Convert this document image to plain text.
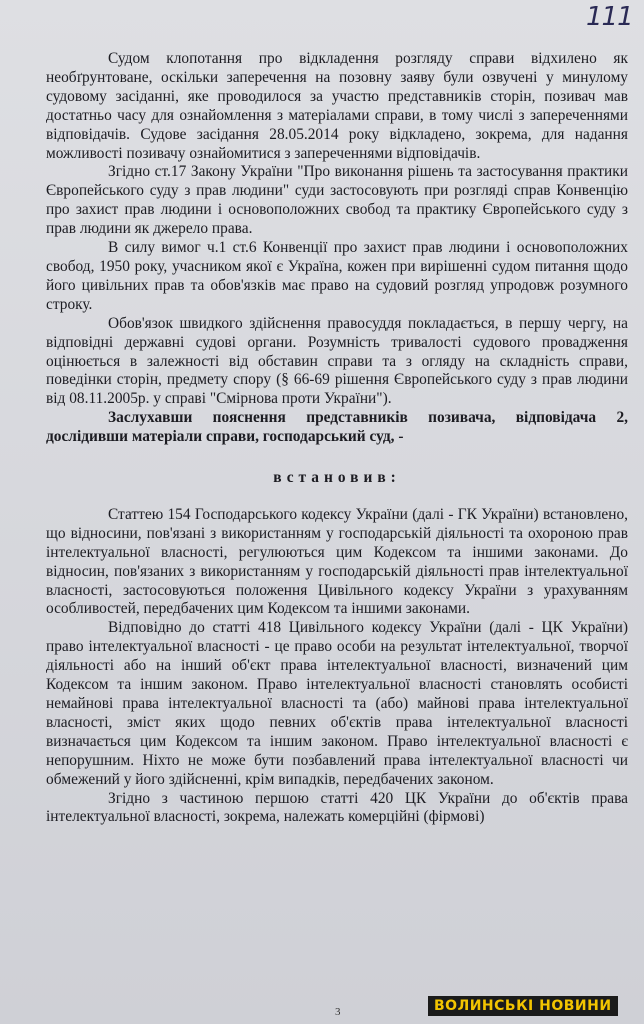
111

Судом клопотання про відкладення розгляду справи відхилено як необґрунтоване, оскільки заперечення на позовну заяву були озвучені у минулому судовому засіданні, яке проводилося за участю представників сторін, позивач мав достатньо часу для ознайомлення з матеріалами справи, в тому числі з запереченнями відповідачів. Судове засідання 28.05.2014 року відкладено, зокрема, для надання можливості позивачу ознайомитися з запереченнями відповідачів.

Згідно ст.17 Закону України "Про виконання рішень та застосування практики Європейського суду з прав людини" суди застосовують при розгляді справ Конвенцію про захист прав людини і основоположних свобод та практику Європейського суду з прав людини як джерело права.

В силу вимог ч.1 ст.6 Конвенції про захист прав людини і основоположних свобод, 1950 року, учасником якої є Україна, кожен при вирішенні судом питання щодо його цивільних прав та обов'язків має право на судовий розгляд упродовж розумного строку.

Обов'язок швидкого здійснення правосуддя покладається, в першу чергу, на відповідні державні судові органи. Розумність тривалості судового провадження оцінюється в залежності від обставин справи та з огляду на складність справи, поведінки сторін, предмету спору (§ 66-69 рішення Європейського суду з прав людини від 08.11.2005р. у справі "Смірнова проти України").

Заслухавши пояснення представників позивача, відповідача 2, дослідивши матеріали справи, господарський суд, -

встановив:

Статтею 154 Господарського кодексу України (далі - ГК України) встановлено, що відносини, пов'язані з використанням у господарській діяльності та охороною прав інтелектуальної власності, регулюються цим Кодексом та іншими законами. До відносин, пов'язаних з використанням у господарській діяльності прав інтелектуальної власності, застосовуються положення Цивільного кодексу України з урахуванням особливостей, передбачених цим Кодексом та іншими законами.

Відповідно до статті 418 Цивільного кодексу України (далі - ЦК України) право інтелектуальної власності - це право особи на результат інтелектуальної, творчої діяльності або на інший об'єкт права інтелектуальної власності, визначений цим Кодексом та іншим законом. Право інтелектуальної власності становлять особисті немайнові права інтелектуальної власності та (або) майнові права інтелектуальної власності, зміст яких щодо певних об'єктів права інтелектуальної власності визначається цим Кодексом та іншим законом. Право інтелектуальної власності є непорушним. Ніхто не може бути позбавлений права інтелектуальної власності чи обмежений у його здійсненні, крім випадків, передбачених законом.

Згідно з частиною першою статті 420 ЦК України до об'єктів права інтелектуальної власності, зокрема, належать комерційні (фірмові)

3	ВОЛИНСЬКІ НОВИНИ
